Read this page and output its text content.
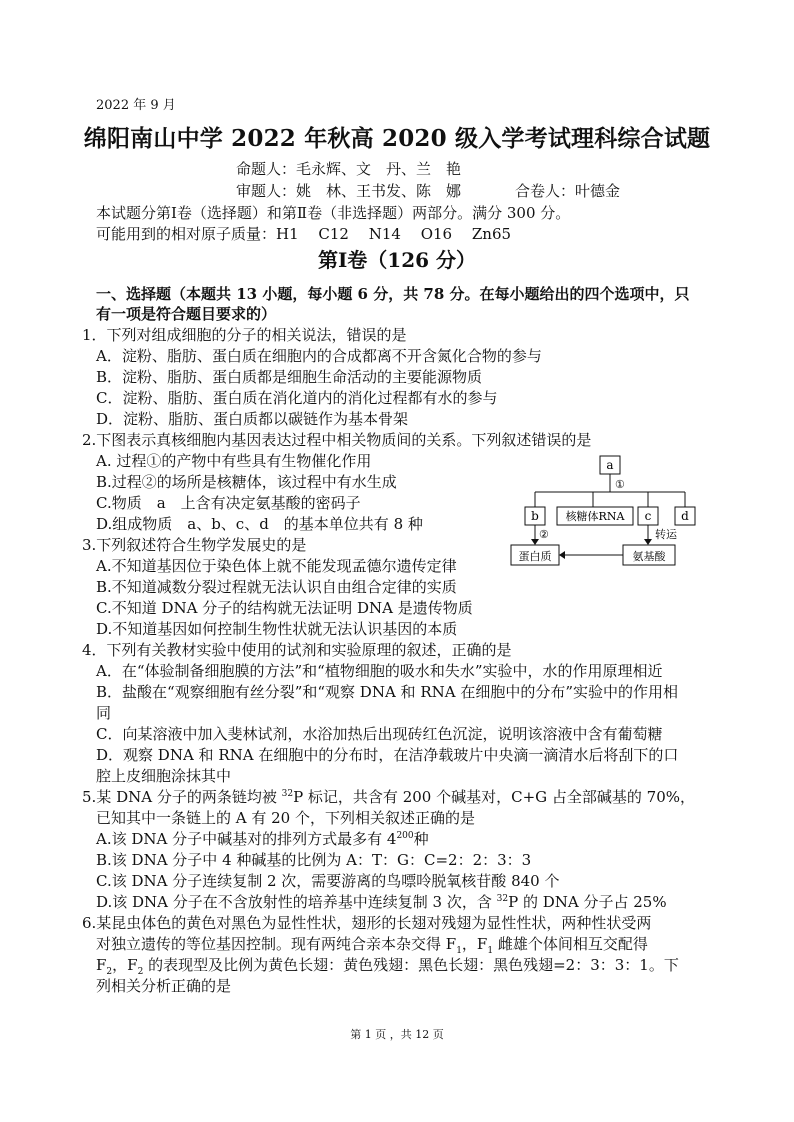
2022 年 9 月
绵阳南山中学 2022 年秋高 2020 级入学考试理科综合试题
命题人：毛永辉、文　丹、兰　艳
审题人：姚　林、王书发、陈　娜	合卷人：叶德金
本试题分第Ⅰ卷（选择题）和第Ⅱ卷（非选择题）两部分。满分 300 分。
可能用到的相对原子质量：H1　 C12　 N14　 O16　 Zn65
第Ⅰ卷（126 分）
一、选择题（本题共 13 小题，每小题 6 分，共 78 分。在每小题给出的四个选项中，只
有一项是符合题目要求的）
1．下列对组成细胞的分子的相关说法，错误的是
A．淀粉、脂肪、蛋白质在细胞内的合成都离不开含氮化合物的参与
B．淀粉、脂肪、蛋白质都是细胞生命活动的主要能源物质
C．淀粉、脂肪、蛋白质在消化道内的消化过程都有水的参与
D．淀粉、脂肪、蛋白质都以碳链作为基本骨架
2.下图表示真核细胞内基因表达过程中相关物质间的关系。下列叙述错误的是
A. 过程①的产物中有些具有生物催化作用
B.过程②的场所是核糖体，该过程中有水生成
C.物质　a　上含有决定氨基酸的密码子
D.组成物质　a、b、c、d　的基本单位共有 8 种
a
①
b 核糖体RNA c d
②	转运
蛋白质	氨基酸
3.下列叙述符合生物学发展史的是
A.不知道基因位于染色体上就不能发现孟德尔遗传定律
B.不知道减数分裂过程就无法认识自由组合定律的实质
C.不知道 DNA 分子的结构就无法证明 DNA 是遗传物质
D.不知道基因如何控制生物性状就无法认识基因的本质
4．下列有关教材实验中使用的试剂和实验原理的叙述，正确的是
A．在“体验制备细胞膜的方法”和“植物细胞的吸水和失水”实验中，水的作用原理相近
B．盐酸在“观察细胞有丝分裂”和“观察 DNA 和 RNA 在细胞中的分布”实验中的作用相
同
C．向某溶液中加入斐林试剂，水浴加热后出现砖红色沉淀，说明该溶液中含有葡萄糖
D．观察 DNA 和 RNA 在细胞中的分布时，在洁净载玻片中央滴一滴清水后将刮下的口
腔上皮细胞涂抹其中
5.某 DNA 分子的两条链均被 $^{32}$P 标记，共含有 200 个碱基对，C+G 占全部碱基的 70%，
已知其中一条链上的 A 有 20 个，下列相关叙述正确的是
A.该 DNA 分子中碱基对的排列方式最多有 $4^{200}$种
B.该 DNA 分子中 4 种碱基的比例为 A：T：G：C=2：2：3：3
C.该 DNA 分子连续复制 2 次，需要游离的鸟嘌呤脱氧核苷酸 840 个
D.该 DNA 分子在不含放射性的培养基中连续复制 3 次，含 $^{32}$P 的 DNA 分子占 25%
6.某昆虫体色的黄色对黑色为显性性状，翅形的长翅对残翅为显性性状，两种性状受两
对独立遗传的等位基因控制。现有两纯合亲本杂交得 $F_1$，$F_1$ 雌雄个体间相互交配得
$F_2$，$F_2$ 的表现型及比例为黄色长翅：黄色残翅：黑色长翅：黑色残翅=2：3：3：1。下
列相关分析正确的是
第 1 页 ，共 12 页
